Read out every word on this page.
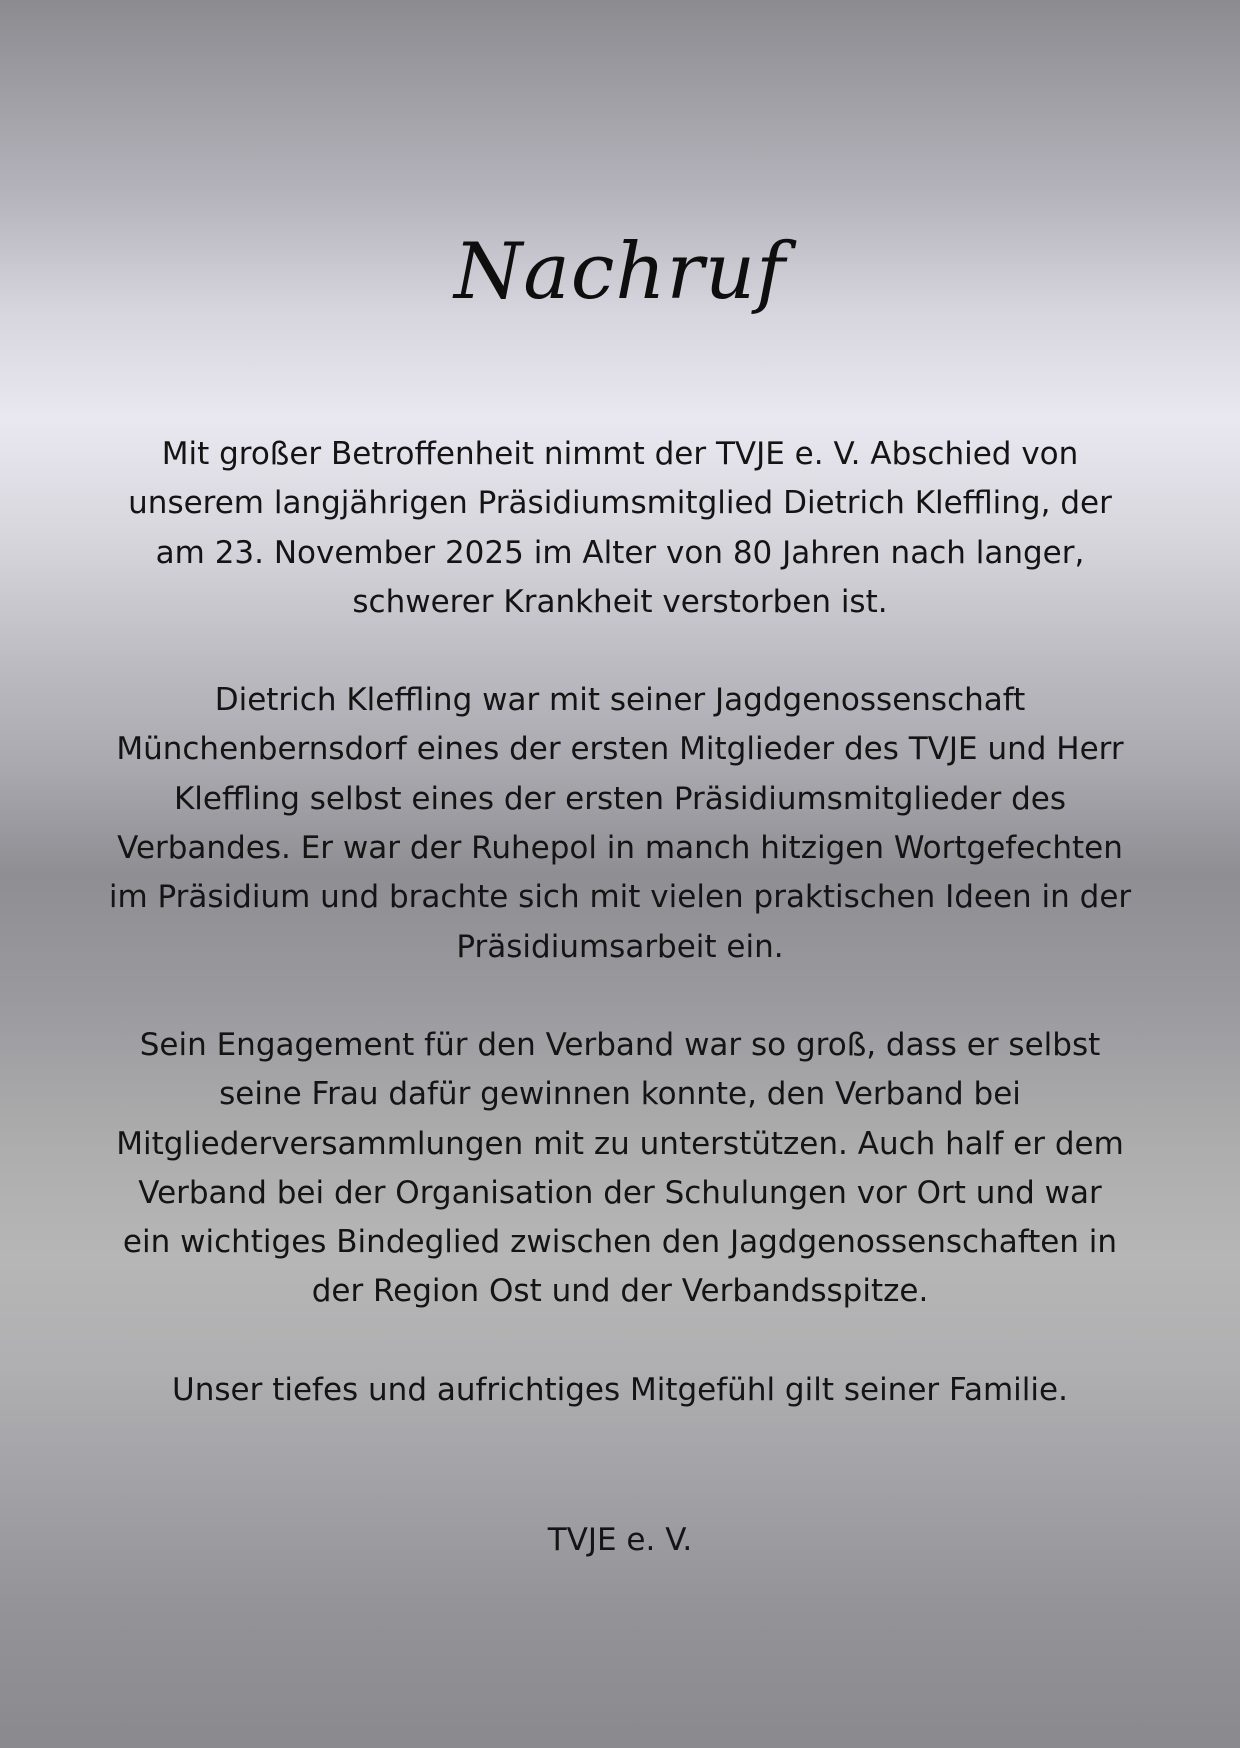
Nachruf

Mit großer Betroffenheit nimmt der TVJE e. V. Abschied von
unserem langjährigen Präsidiumsmitglied Dietrich Kleffling, der
am 23. November 2025 im Alter von 80 Jahren nach langer,
schwerer Krankheit verstorben ist.

Dietrich Kleffling war mit seiner Jagdgenossenschaft
Münchenbernsdorf eines der ersten Mitglieder des TVJE und Herr
Kleffling selbst eines der ersten Präsidiumsmitglieder des
Verbandes. Er war der Ruhepol in manch hitzigen Wortgefechten
im Präsidium und brachte sich mit vielen praktischen Ideen in der
Präsidiumsarbeit ein.

Sein Engagement für den Verband war so groß, dass er selbst
seine Frau dafür gewinnen konnte, den Verband bei
Mitgliederversammlungen mit zu unterstützen. Auch half er dem
Verband bei der Organisation der Schulungen vor Ort und war
ein wichtiges Bindeglied zwischen den Jagdgenossenschaften in
der Region Ost und der Verbandsspitze.

Unser tiefes und aufrichtiges Mitgefühl gilt seiner Familie.

TVJE e. V.
